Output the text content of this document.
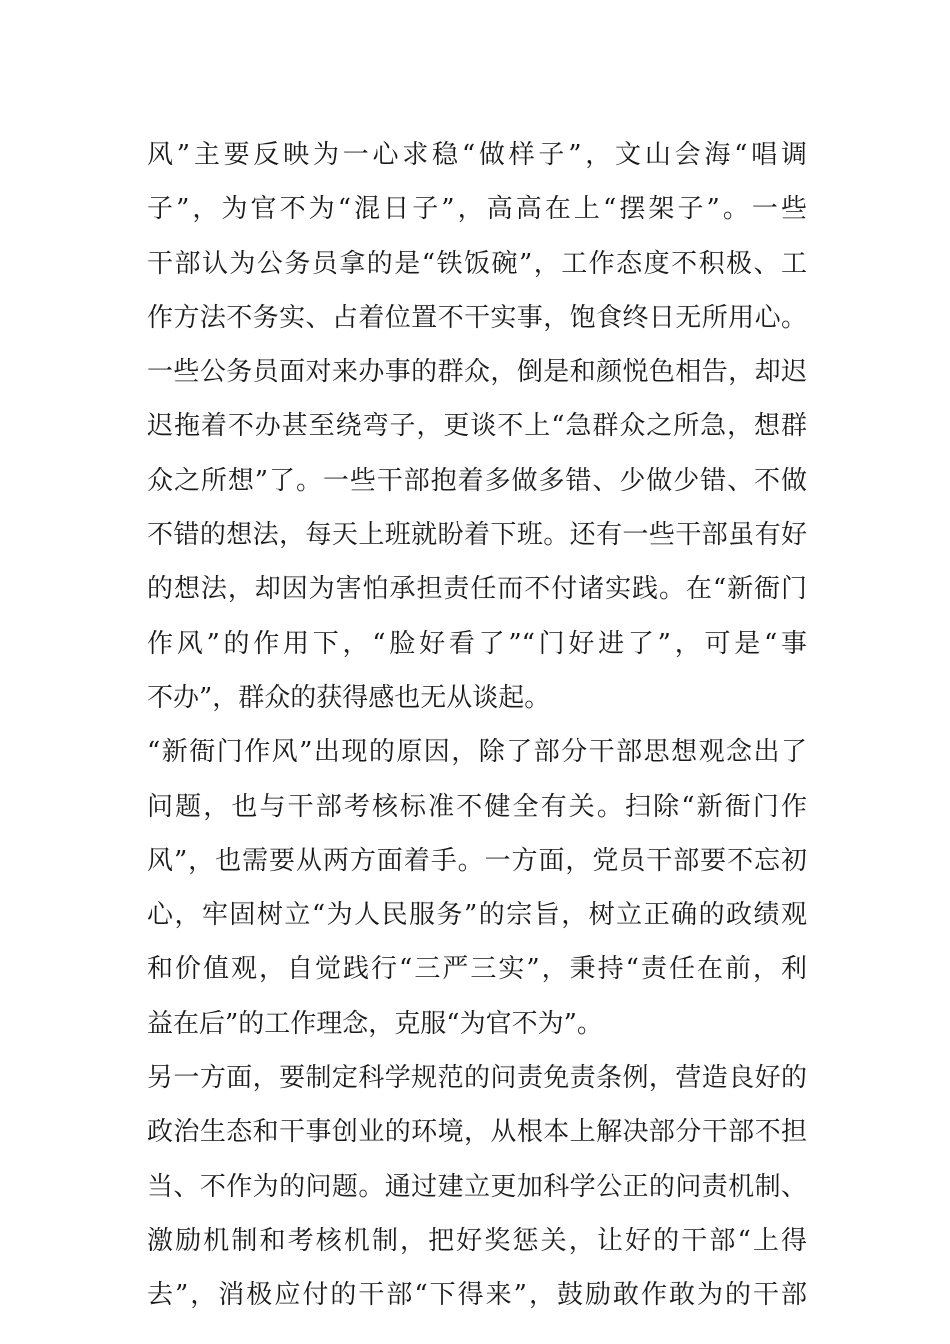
风”主要反映为一心求稳“做样子”，文山会海“唱调
子”，为官不为“混日子”，高高在上“摆架子”。一些
干部认为公务员拿的是“铁饭碗”，工作态度不积极、工
作方法不务实、占着位置不干实事，饱食终日无所用心。
一些公务员面对来办事的群众，倒是和颜悦色相告，却迟
迟拖着不办甚至绕弯子，更谈不上“急群众之所急，想群
众之所想”了。一些干部抱着多做多错、少做少错、不做
不错的想法，每天上班就盼着下班。还有一些干部虽有好
的想法，却因为害怕承担责任而不付诸实践。在“新衙门
作风”的作用下，“脸好看了”“门好进了”，可是“事
不办”，群众的获得感也无从谈起。
“新衙门作风”出现的原因，除了部分干部思想观念出了
问题，也与干部考核标准不健全有关。扫除“新衙门作
风”，也需要从两方面着手。一方面，党员干部要不忘初
心，牢固树立“为人民服务”的宗旨，树立正确的政绩观
和价值观，自觉践行“三严三实”，秉持“责任在前，利
益在后”的工作理念，克服“为官不为”。
另一方面，要制定科学规范的问责免责条例，营造良好的
政治生态和干事创业的环境，从根本上解决部分干部不担
当、不作为的问题。通过建立更加科学公正的问责机制、
激励机制和考核机制，把好奖惩关，让好的干部“上得
去”，消极应付的干部“下得来”，鼓励敢作敢为的干部
